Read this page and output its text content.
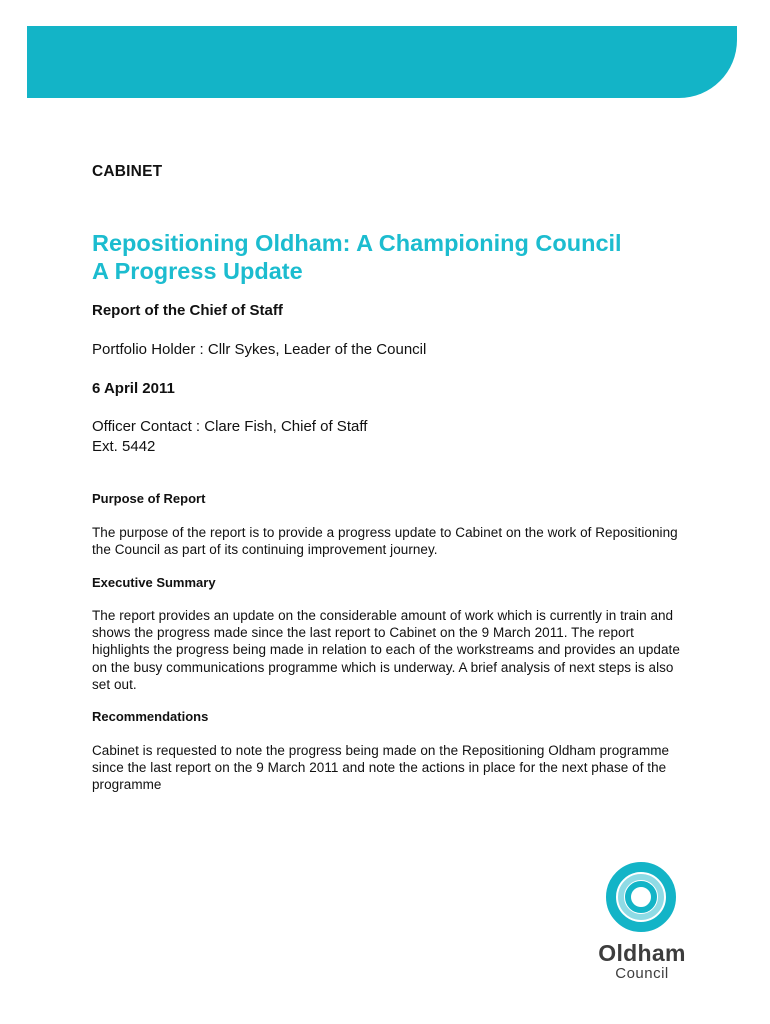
CABINET

Repositioning Oldham: A Championing Council
A Progress Update

Report of the Chief of Staff

Portfolio Holder : Cllr Sykes, Leader of the Council

6 April 2011

Officer Contact : Clare Fish, Chief of Staff
Ext. 5442

Purpose of Report

The purpose of the report is to provide a progress update to Cabinet on the work of Repositioning the Council as part of its continuing improvement journey.

Executive Summary

The report provides an update on the considerable amount of work which is currently in train and shows the progress made since the last report to Cabinet on the 9 March 2011. The report highlights the progress being made in relation to each of the workstreams and provides an update on the busy communications programme which is underway. A brief analysis of next steps is also set out.

Recommendations

Cabinet is requested to note the progress being made on the Repositioning Oldham programme since the last report on the 9 March 2011 and note the actions in place for the next phase of the programme

Oldham
Council
